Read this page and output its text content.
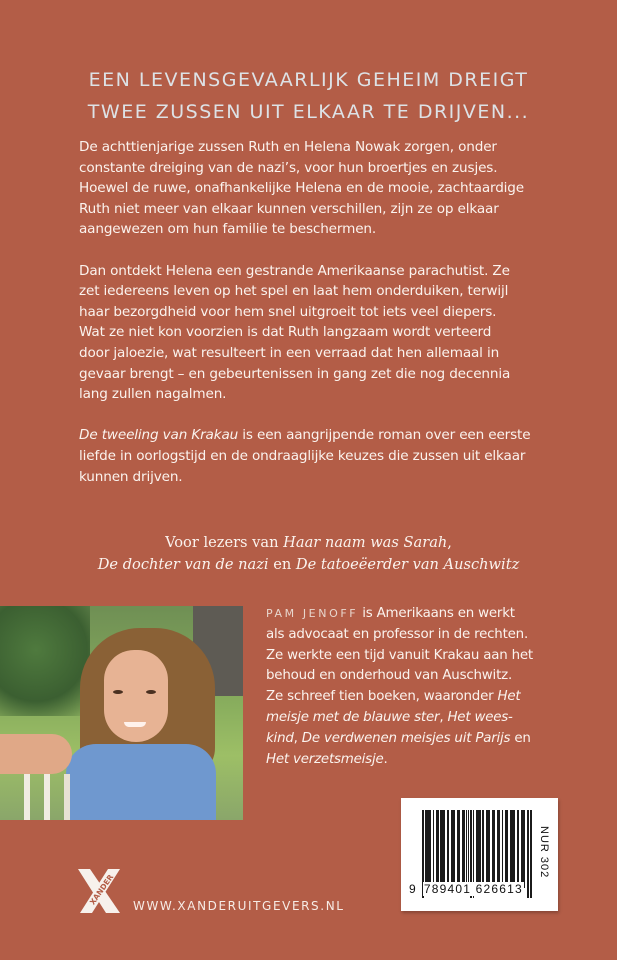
EEN LEVENSGEVAARLIJK GEHEIM DREIGT
TWEE ZUSSEN UIT ELKAAR TE DRIJVEN...

De achttienjarige zussen Ruth en Helena Nowak zorgen, onder
constante dreiging van de nazi’s, voor hun broertjes en zusjes.
Hoewel de ruwe, onafhankelijke Helena en de mooie, zachtaardige
Ruth niet meer van elkaar kunnen verschillen, zijn ze op elkaar
aangewezen om hun familie te beschermen.

Dan ontdekt Helena een gestrande Amerikaanse parachutist. Ze
zet iedereens leven op het spel en laat hem onderduiken, terwijl
haar bezorgdheid voor hem snel uitgroeit tot iets veel diepers.
Wat ze niet kon voorzien is dat Ruth langzaam wordt verteerd
door jaloezie, wat resulteert in een verraad dat hen allemaal in
gevaar brengt – en gebeurtenissen in gang zet die nog decennia
lang zullen nagalmen.

De tweeling van Krakau is een aangrijpende roman over een eerste
liefde in oorlogstijd en de ondraaglijke keuzes die zussen uit elkaar
kunnen drijven.

Voor lezers van Haar naam was Sarah,
De dochter van de nazi en De tatoeëerder van Auschwitz
PAM JENOFF is Amerikaans en werkt
als advocaat en professor in de rechten.
Ze werkte een tijd vanuit Krakau aan het
behoud en onderhoud van Auschwitz.
Ze schreef tien boeken, waaronder Het
meisje met de blauwe ster, Het wees-
kind, De verdwenen meisjes uit Parijs en
Het verzetsmeisje.
9 789401 626613
NUR 302
XANDER WWW.XANDERUITGEVERS.NL
